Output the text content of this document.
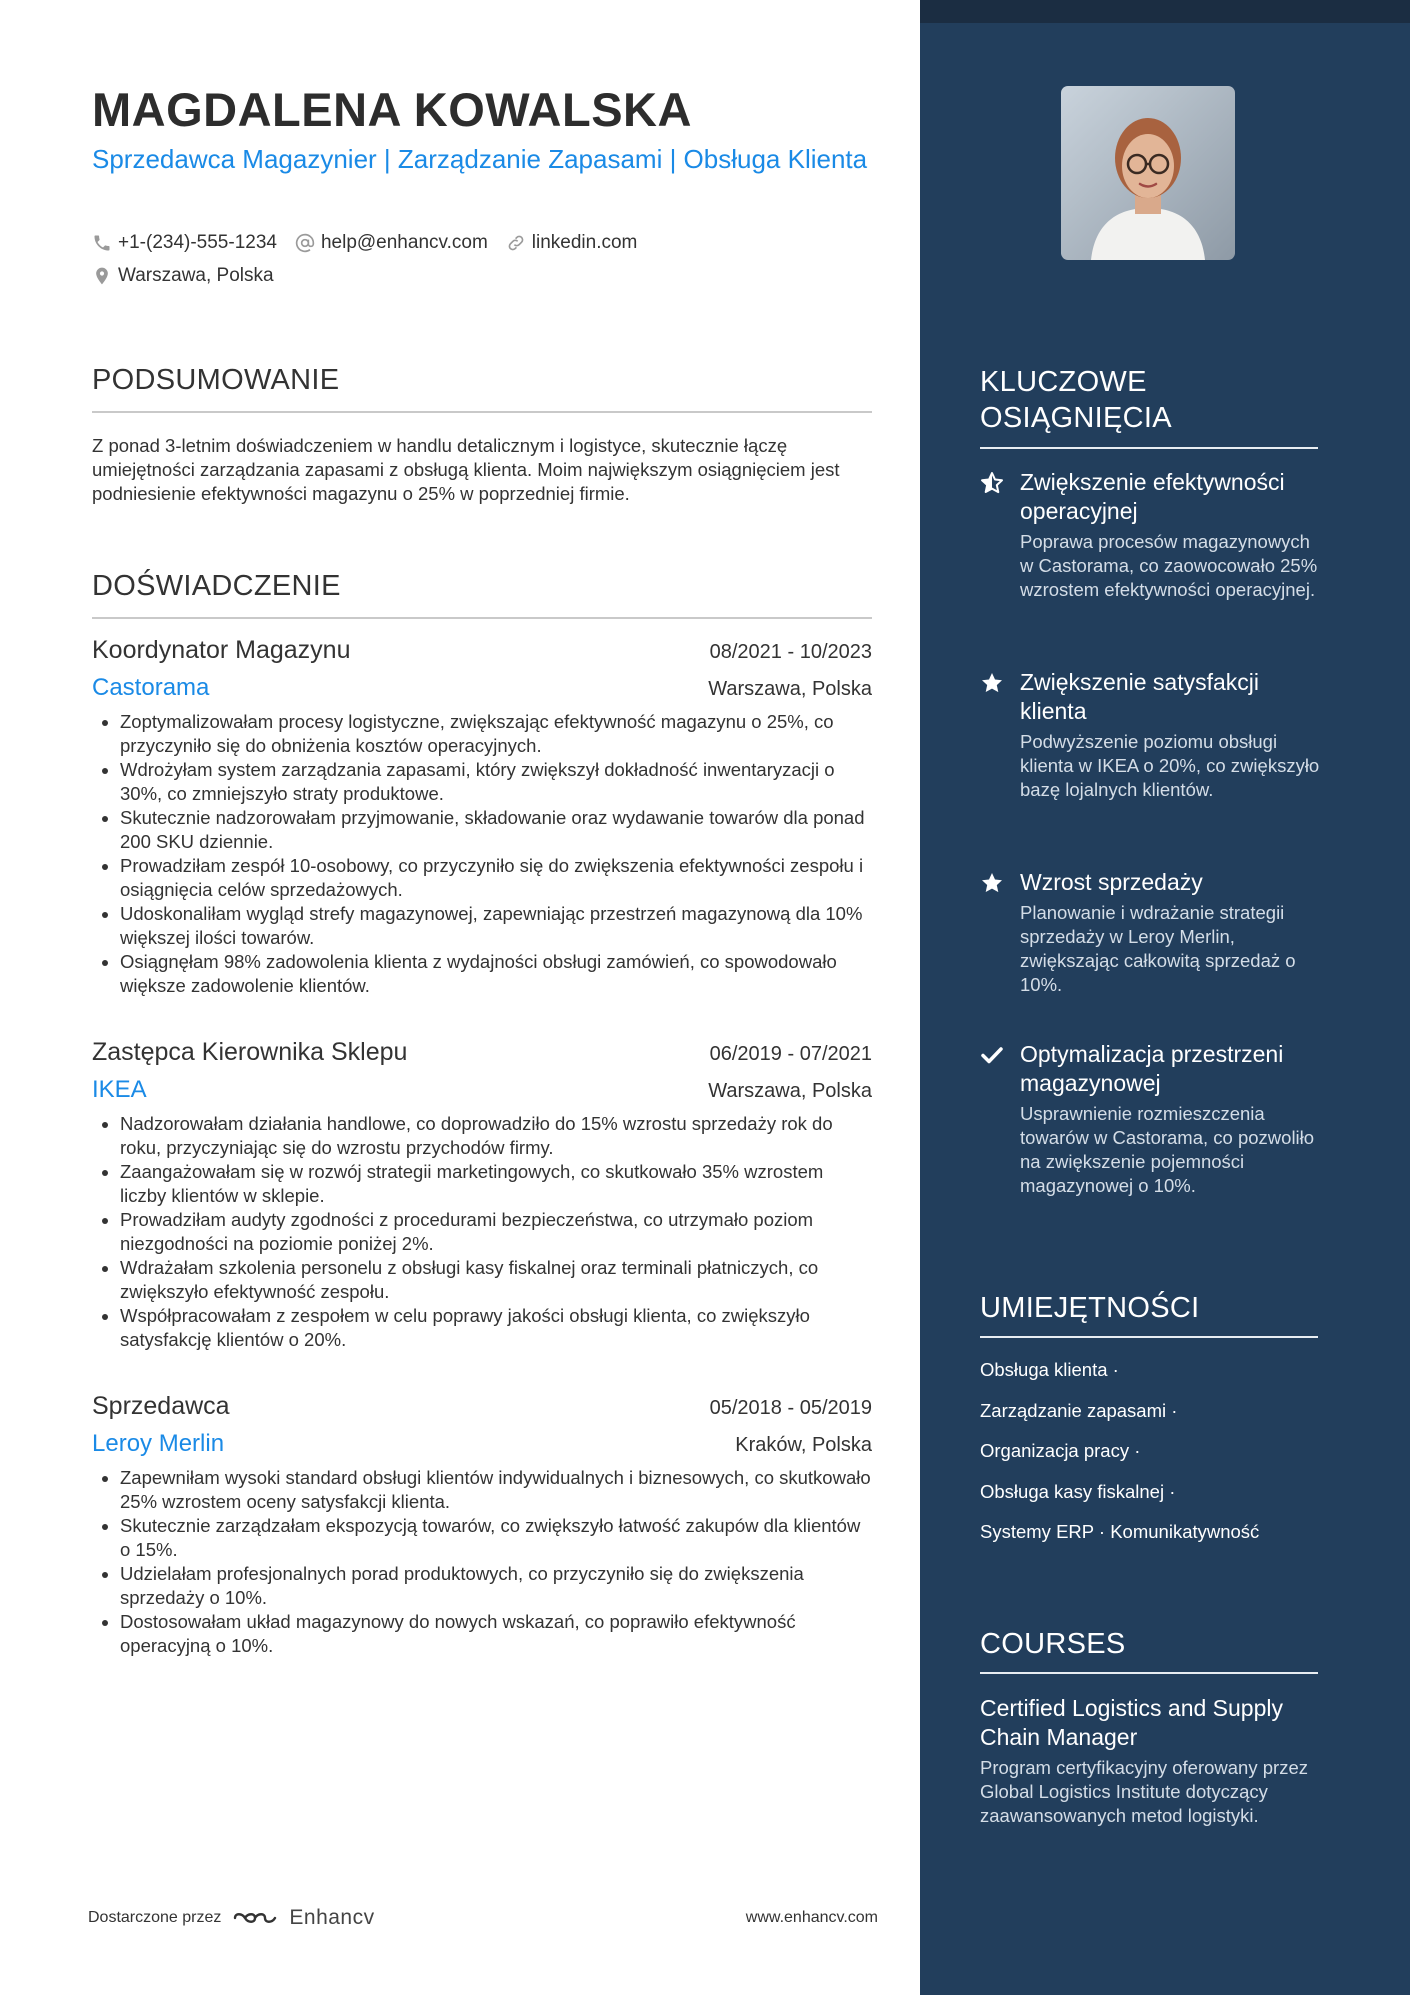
MAGDALENA KOWALSKA
Sprzedawca Magazynier | Zarządzanie Zapasami | Obsługa Klienta
+1-(234)-555-1234 help@enhancv.com linkedin.com
Warszawa, Polska
PODSUMOWANIE

Z ponad 3-letnim doświadczeniem w handlu detalicznym i logistyce, skutecznie łączę umiejętności zarządzania zapasami z obsługą klienta. Moim największym osiągnięciem jest podniesienie efektywności magazynu o 25% w poprzedniej firmie.

DOŚWIADCZENIE
Koordynator Magazynu	08/2021 - 10/2023
Castorama	Warszawa, Polska
• Zoptymalizowałam procesy logistyczne, zwiększając efektywność magazynu o 25%, co przyczyniło się do obniżenia kosztów operacyjnych.
• Wdrożyłam system zarządzania zapasami, który zwiększył dokładność inwentaryzacji o 30%, co zmniejszyło straty produktowe.
• Skutecznie nadzorowałam przyjmowanie, składowanie oraz wydawanie towarów dla ponad 200 SKU dziennie.
• Prowadziłam zespół 10-osobowy, co przyczyniło się do zwiększenia efektywności zespołu i osiągnięcia celów sprzedażowych.
• Udoskonaliłam wygląd strefy magazynowej, zapewniając przestrzeń magazynową dla 10% większej ilości towarów.
• Osiągnęłam 98% zadowolenia klienta z wydajności obsługi zamówień, co spowodowało większe zadowolenie klientów.
Zastępca Kierownika Sklepu	06/2019 - 07/2021
IKEA	Warszawa, Polska
• Nadzorowałam działania handlowe, co doprowadziło do 15% wzrostu sprzedaży rok do roku, przyczyniając się do wzrostu przychodów firmy.
• Zaangażowałam się w rozwój strategii marketingowych, co skutkowało 35% wzrostem liczby klientów w sklepie.
• Prowadziłam audyty zgodności z procedurami bezpieczeństwa, co utrzymało poziom niezgodności na poziomie poniżej 2%.
• Wdrażałam szkolenia personelu z obsługi kasy fiskalnej oraz terminali płatniczych, co zwiększyło efektywność zespołu.
• Współpracowałam z zespołem w celu poprawy jakości obsługi klienta, co zwiększyło satysfakcję klientów o 20%.
Sprzedawca	05/2018 - 05/2019
Leroy Merlin	Kraków, Polska
• Zapewniłam wysoki standard obsługi klientów indywidualnych i biznesowych, co skutkowało 25% wzrostem oceny satysfakcji klienta.
• Skutecznie zarządzałam ekspozycją towarów, co zwiększyło łatwość zakupów dla klientów o 15%.
• Udzielałam profesjonalnych porad produktowych, co przyczyniło się do zwiększenia sprzedaży o 10%.
• Dostosowałam układ magazynowy do nowych wskazań, co poprawiło efektywność operacyjną o 10%.
Dostarczone przez	Enhancv	www.enhancv.com
KLUCZOWE
OSIĄGNIĘCIA
Zwiększenie efektywności operacyjnej
Poprawa procesów magazynowych w Castorama, co zaowocowało 25% wzrostem efektywności operacyjnej.
Zwiększenie satysfakcji klienta
Podwyższenie poziomu obsługi klienta w IKEA o 20%, co zwiększyło bazę lojalnych klientów.
Wzrost sprzedaży
Planowanie i wdrażanie strategii sprzedaży w Leroy Merlin, zwiększając całkowitą sprzedaż o 10%.
Optymalizacja przestrzeni magazynowej
Usprawnienie rozmieszczenia towarów w Castorama, co pozwoliło na zwiększenie pojemności magazynowej o 10%.
UMIEJĘTNOŚCI
Obsługa klienta ·
Zarządzanie zapasami ·
Organizacja pracy ·
Obsługa kasy fiskalnej ·
Systemy ERP · Komunikatywność
COURSES
Certified Logistics and Supply Chain Manager
Program certyfikacyjny oferowany przez Global Logistics Institute dotyczący zaawansowanych metod logistyki.
